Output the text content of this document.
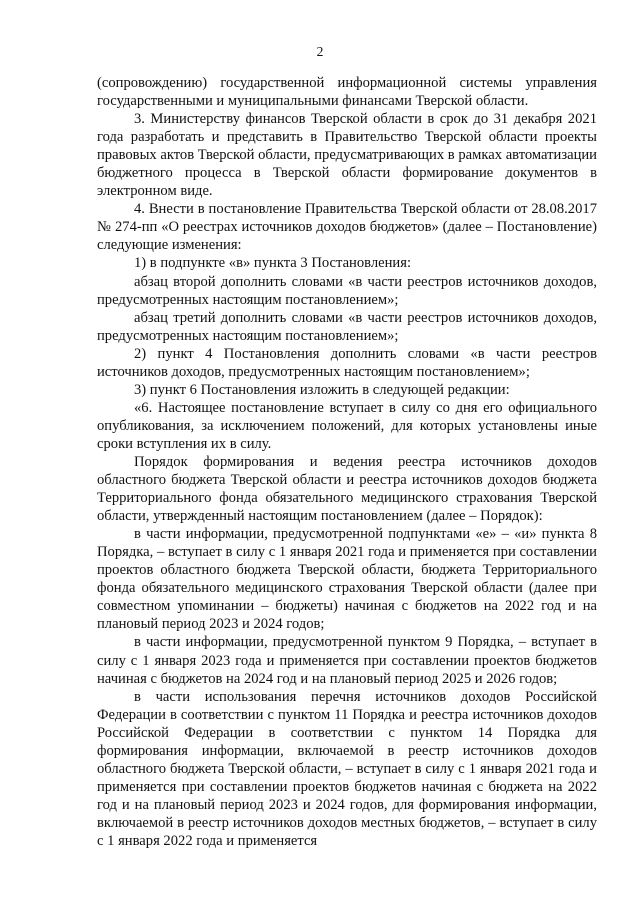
2

(сопровождению) государственной информационной системы управления государственными и муниципальными финансами Тверской области.

3. Министерству финансов Тверской области в срок до 31 декабря 2021 года разработать и представить в Правительство Тверской области проекты правовых актов Тверской области, предусматривающих в рамках автоматизации бюджетного процесса в Тверской области формирование документов в электронном виде.

4. Внести в постановление Правительства Тверской области от 28.08.2017 № 274-пп «О реестрах источников доходов бюджетов» (далее – Постановление) следующие изменения:

1) в подпункте «в» пункта 3 Постановления:

абзац второй дополнить словами «в части реестров источников доходов, предусмотренных настоящим постановлением»;

абзац третий дополнить словами «в части реестров источников доходов, предусмотренных настоящим постановлением»;

2) пункт 4 Постановления дополнить словами «в части реестров источников доходов, предусмотренных настоящим постановлением»;

3) пункт 6 Постановления изложить в следующей редакции:

«6. Настоящее постановление вступает в силу со дня его официального опубликования, за исключением положений, для которых установлены иные сроки вступления их в силу.

Порядок формирования и ведения реестра источников доходов областного бюджета Тверской области и реестра источников доходов бюджета Территориального фонда обязательного медицинского страхования Тверской области, утвержденный настоящим постановлением (далее – Порядок):

в части информации, предусмотренной подпунктами «е» – «и» пункта 8 Порядка, – вступает в силу с 1 января 2021 года и применяется при составлении проектов областного бюджета Тверской области, бюджета Территориального фонда обязательного медицинского страхования Тверской области (далее при совместном упоминании – бюджеты) начиная с бюджетов на 2022 год и на плановый период 2023 и 2024 годов;

в части информации, предусмотренной пунктом 9 Порядка, – вступает в силу с 1 января 2023 года и применяется при составлении проектов бюджетов начиная с бюджетов на 2024 год и на плановый период 2025 и 2026 годов;

в части использования перечня источников доходов Российской Федерации в соответствии с пунктом 11 Порядка и реестра источников доходов Российской Федерации в соответствии с пунктом 14 Порядка для формирования информации, включаемой в реестр источников доходов областного бюджета Тверской области, – вступает в силу с 1 января 2021 года и применяется при составлении проектов бюджетов начиная с бюджета на 2022 год и на плановый период 2023 и 2024 годов, для формирования информации, включаемой в реестр источников доходов местных бюджетов, – вступает в силу с 1 января 2022 года и применяется
